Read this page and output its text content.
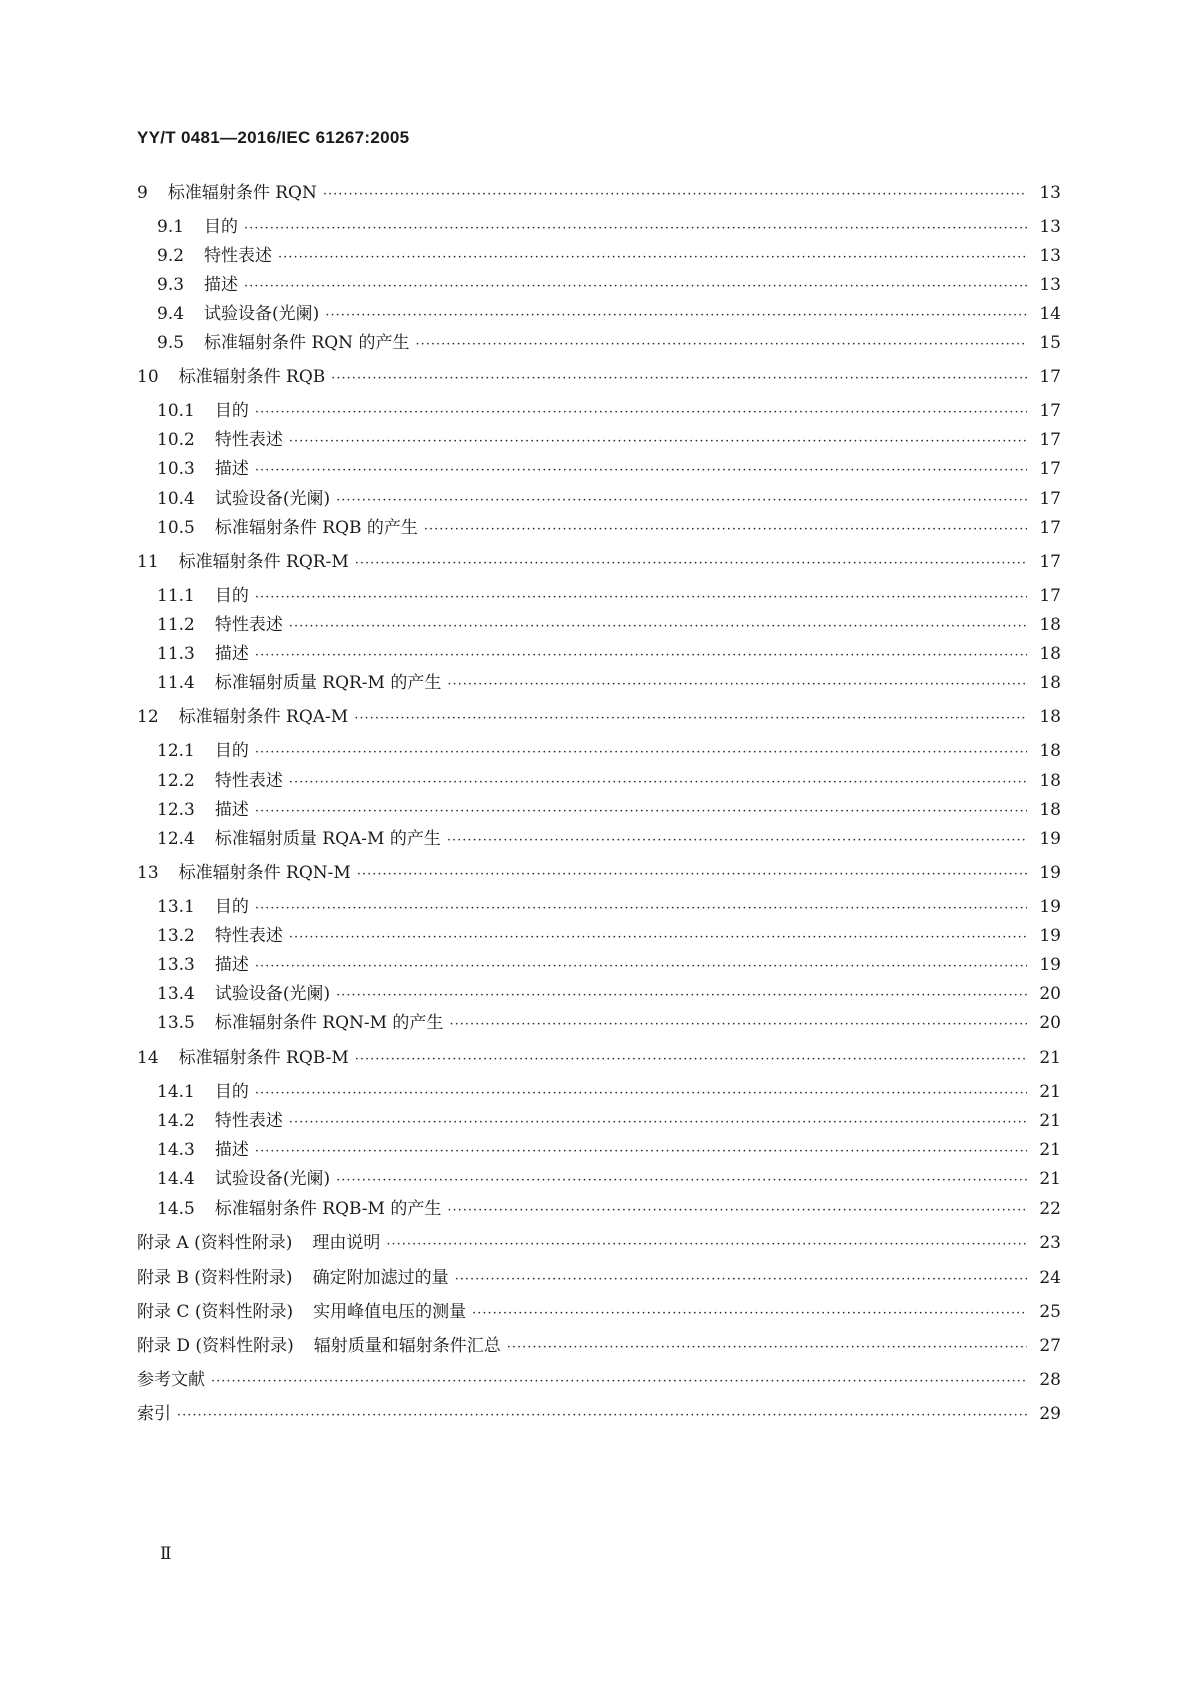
YY/T 0481—2016/IEC 61267:2005
9	标准辐射条件 RQN ·····	13
9.1	目的 ·····	13
9.2	特性表述 ·····	13
9.3	描述 ·····	13
9.4	试验设备(光阑) ·····	14
9.5	标准辐射条件 RQN 的产生 ·····	15
10	标准辐射条件 RQB ·····	17
10.1	目的 ·····	17
10.2	特性表述 ·····	17
10.3	描述 ·····	17
10.4	试验设备(光阑) ·····	17
10.5	标准辐射条件 RQB 的产生 ·····	17
11	标准辐射条件 RQR-M ·····	17
11.1	目的 ·····	17
11.2	特性表述 ·····	18
11.3	描述 ·····	18
11.4	标准辐射质量 RQR-M 的产生 ·····	18
12	标准辐射条件 RQA-M ·····	18
12.1	目的 ·····	18
12.2	特性表述 ·····	18
12.3	描述 ·····	18
12.4	标准辐射质量 RQA-M 的产生 ·····	19
13	标准辐射条件 RQN-M ·····	19
13.1	目的 ·····	19
13.2	特性表述 ·····	19
13.3	描述 ·····	19
13.4	试验设备(光阑) ·····	20
13.5	标准辐射条件 RQN-M 的产生 ·····	20
14	标准辐射条件 RQB-M ·····	21
14.1	目的 ·····	21
14.2	特性表述 ·····	21
14.3	描述 ·····	21
14.4	试验设备(光阑) ·····	21
14.5	标准辐射条件 RQB-M 的产生 ·····	22
附录 A (资料性附录)	理由说明 ·····	23
附录 B (资料性附录)	确定附加滤过的量 ·····	24
附录 C (资料性附录)	实用峰值电压的测量 ·····	25
附录 D (资料性附录)	辐射质量和辐射条件汇总 ·····	27
参考文献 ·····	28
索引 ·····	29
Ⅱ
